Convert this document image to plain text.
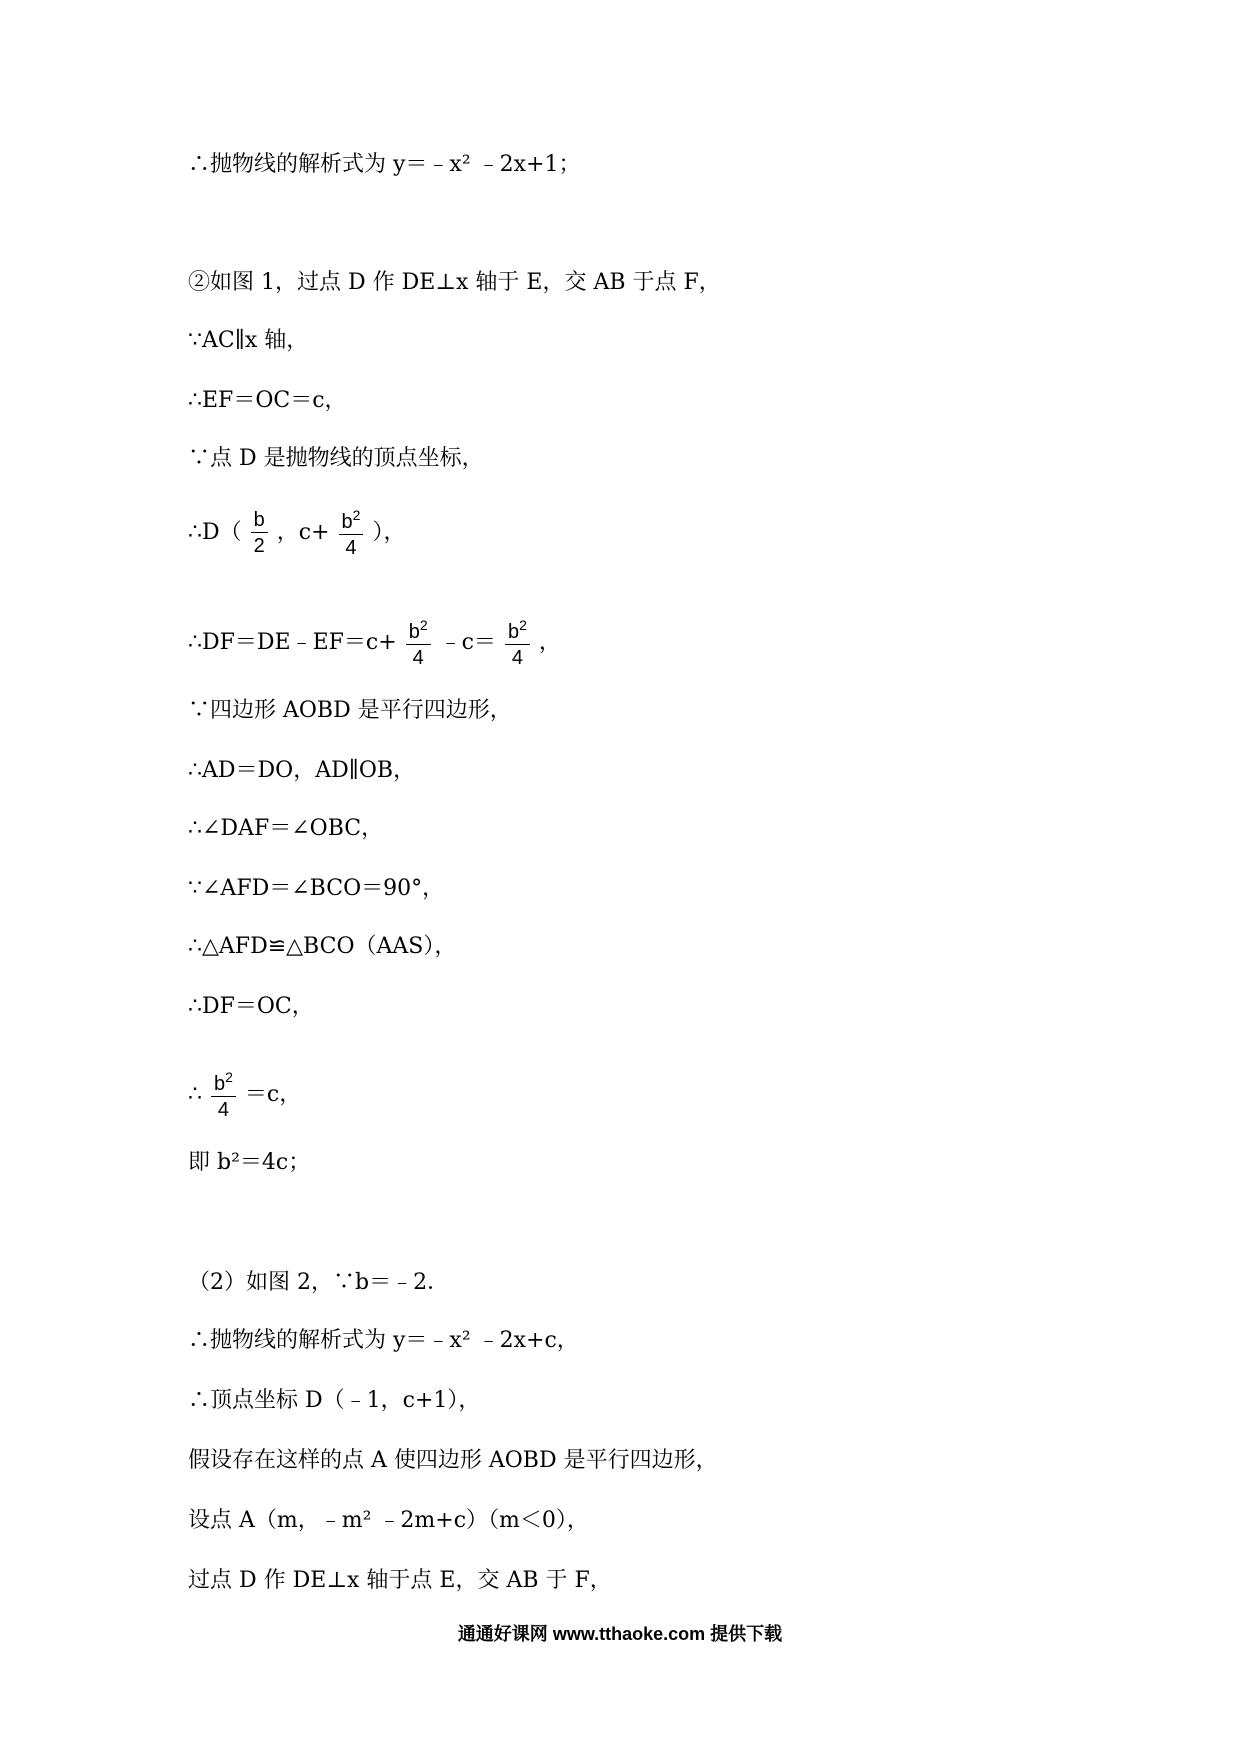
∴抛物线的解析式为 y＝﹣x² ﹣2x+1；
②如图 1，过点 D 作 DE⊥x 轴于 E，交 AB 于点 F，
∵AC∥x 轴，
∴EF＝OC＝c，
∵点 D 是抛物线的顶点坐标，
∴D（ $\frac{b}{2}$ ，$c+ \frac{b^2}{4}$ ），
∴DF＝DE﹣EF＝c+ $\frac{b^2}{4}$ ﹣c＝ $\frac{b^2}{4}$ ，
∵四边形 AOBD 是平行四边形，
∴AD＝DO，AD∥OB，
∴∠DAF＝∠OBC，
∵∠AFD＝∠BCO＝90°，
∴△AFD≌△BCO（AAS），
∴DF＝OC，
∴ $\frac{b^2}{4} =c$，
即 b²＝4c；
（2）如图 2，∵b＝﹣2．
∴抛物线的解析式为 y＝﹣x² ﹣2x+c，
∴顶点坐标 D（﹣1，c+1），
假设存在这样的点 A 使四边形 AOBD 是平行四边形，
设点 A（m，﹣m² ﹣2m+c）（m＜0），
过点 D 作 DE⊥x 轴于点 E，交 AB 于 F，
通通好课网 www.tthaoke.com 提供下载
